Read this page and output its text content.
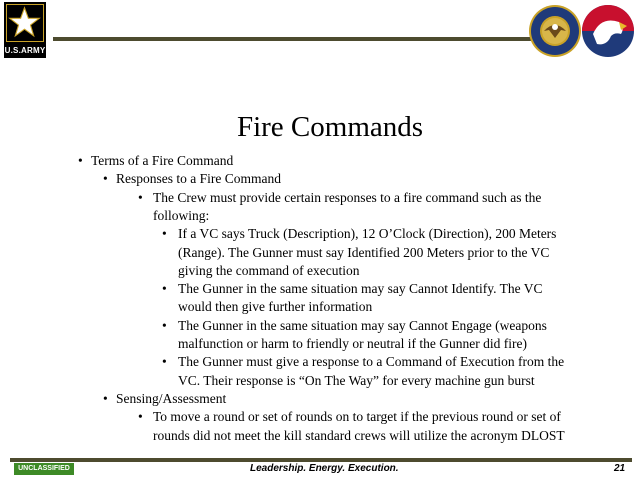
U.S.ARMY
Fire Commands
• Terms of a Fire Command
• Responses to a Fire Command
• The Crew must provide certain responses to a fire command such as the
following:
• If a VC says Truck (Description), 12 O’Clock (Direction), 200 Meters
(Range). The Gunner must say Identified 200 Meters prior to the VC
giving the command of execution
• The Gunner in the same situation may say Cannot Identify. The VC
would then give further information
• The Gunner in the same situation may say Cannot Engage (weapons
malfunction or harm to friendly or neutral if the Gunner did fire)
• The Gunner must give a response to a Command of Execution from the
VC. Their response is “On The Way” for every machine gun burst
• Sensing/Assessment
• To move a round or set of rounds on to target if the previous round or set of
rounds did not meet the kill standard crews will utilize the acronym DLOST
UNCLASSIFIED	Leadership. Energy. Execution.	21
